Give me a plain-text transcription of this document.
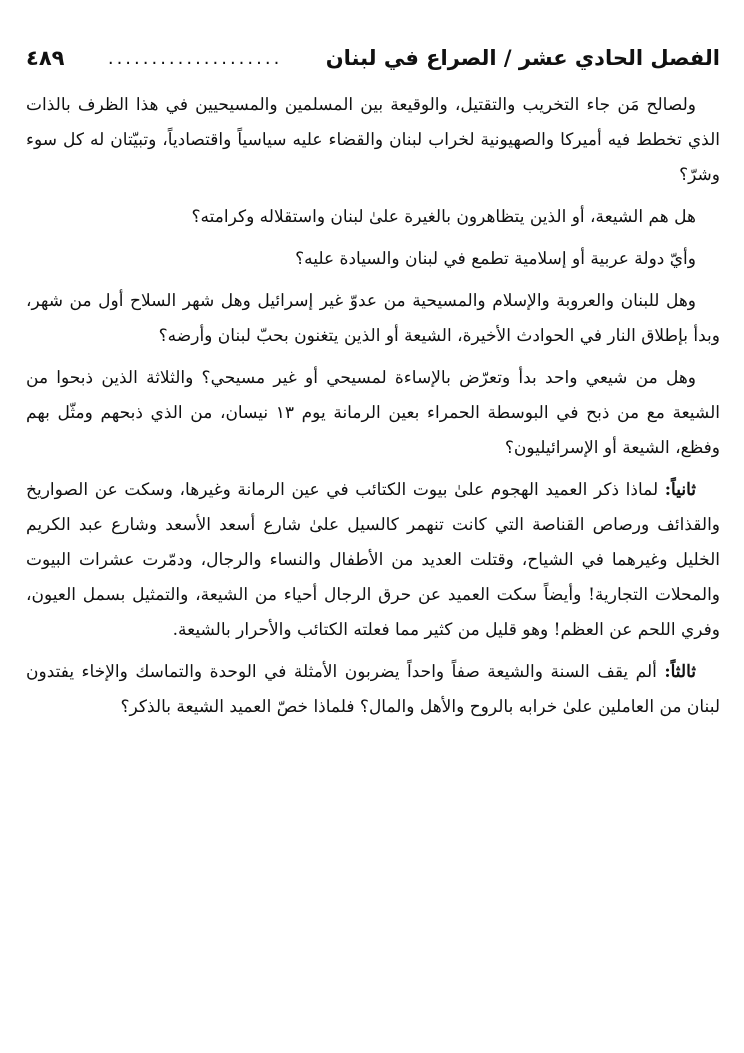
الفصل الحادي عشر / الصراع في لبنان
....................
٤٨٩

ولصالح مَن جاء التخريب والتقتيل، والوقيعة بين المسلمين والمسيحيين في هذا الظرف بالذات الذي تخطط فيه أميركا والصهيونية لخراب لبنان والقضاء عليه سياسياً واقتصادياً، وتبيّتان له كل سوء وشرّ؟

هل هم الشيعة، أو الذين يتظاهرون بالغيرة علىٰ لبنان واستقلاله وكرامته؟

وأيّ دولة عربية أو إسلامية تطمع في لبنان والسيادة عليه؟

وهل للبنان والعروبة والإسلام والمسيحية من عدوّ غير إسرائيل وهل شهر السلاح أول من شهر، وبدأ بإطلاق النار في الحوادث الأخيرة، الشيعة أو الذين يتغنون بحبّ لبنان وأرضه؟

وهل من شيعي واحد بدأ وتعرّض بالإساءة لمسيحي أو غير مسيحي؟ والثلاثة الذين ذبحوا من الشيعة مع من ذبح في البوسطة الحمراء بعين الرمانة يوم ١٣ نيسان، من الذي ذبحهم ومثّل بهم وفظع، الشيعة أو الإسرائيليون؟

ثانياً: لماذا ذكر العميد الهجوم علىٰ بيوت الكتائب في عين الرمانة وغيرها، وسكت عن الصواريخ والقذائف ورصاص القناصة التي كانت تنهمر كالسيل علىٰ شارع أسعد الأسعد وشارع عبد الكريم الخليل وغيرهما في الشياح، وقتلت العديد من الأطفال والنساء والرجال، ودمّرت عشرات البيوت والمحلات التجارية! وأيضاً سكت العميد عن حرق الرجال أحياء من الشيعة، والتمثيل بسمل العيون، وفري اللحم عن العظم! وهو قليل من كثير مما فعلته الكتائب والأحرار بالشيعة.

ثالثاً: ألم يقف السنة والشيعة صفاً واحداً يضربون الأمثلة في الوحدة والتماسك والإخاء يفتدون لبنان من العاملين علىٰ خرابه بالروح والأهل والمال؟ فلماذا خصّ العميد الشيعة بالذكر؟
